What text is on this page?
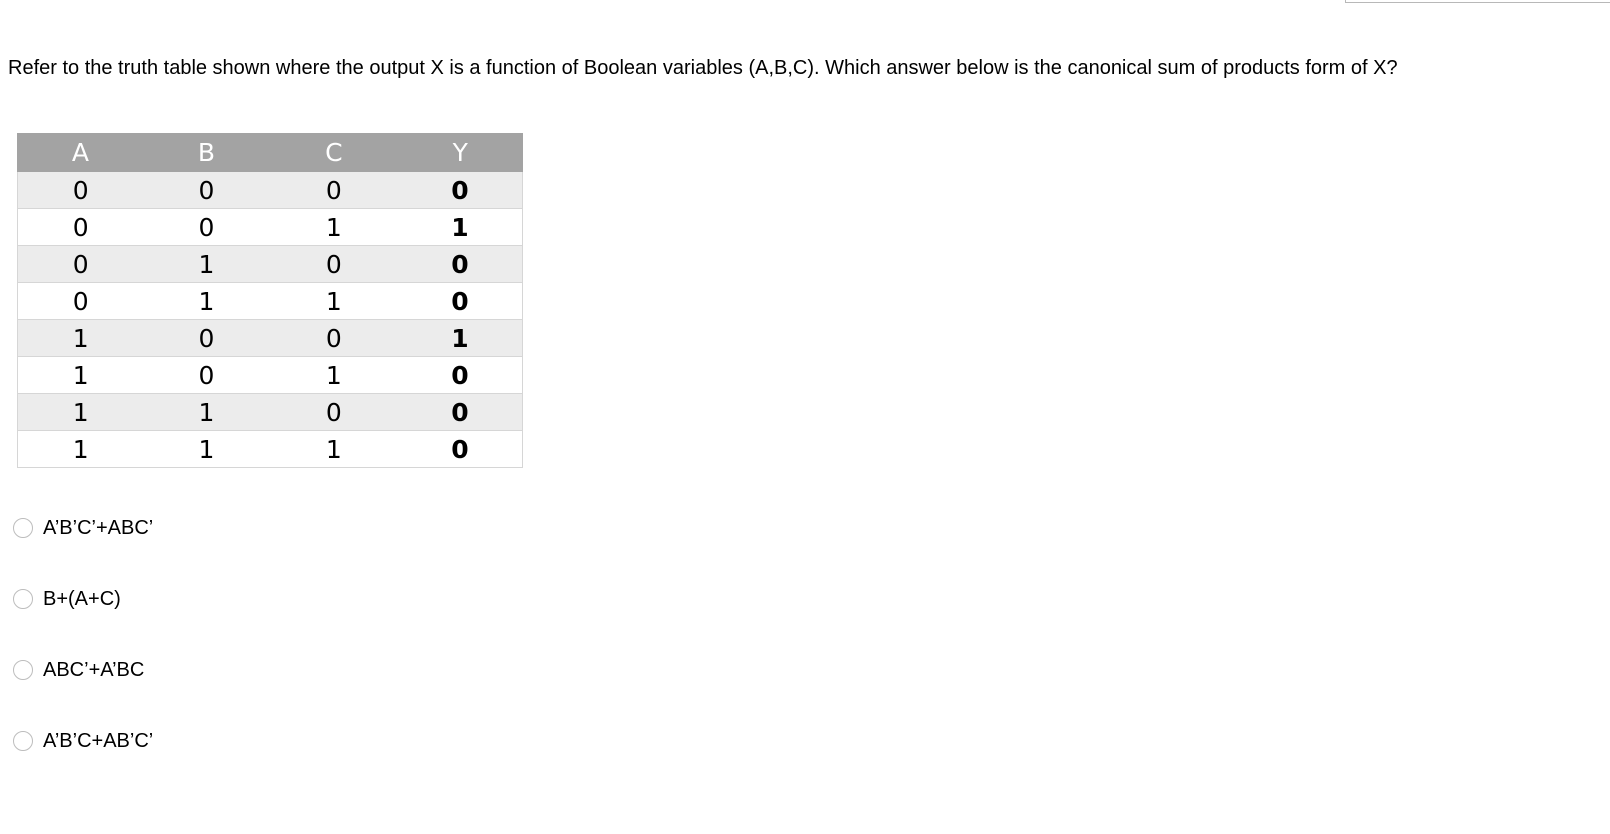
Refer to the truth table shown where the output X is a function of Boolean variables (A,B,C). Which answer below is the canonical sum of products form of X?
A	B	C	Y
0	0	0	0
0	0	1	1
0	1	0	0
0	1	1	0
1	0	0	1
1	0	1	0
1	1	0	0
1	1	1	0
A’B’C’+ABC’
B+(A+C)
ABC’+A’BC
A’B’C+AB’C’
